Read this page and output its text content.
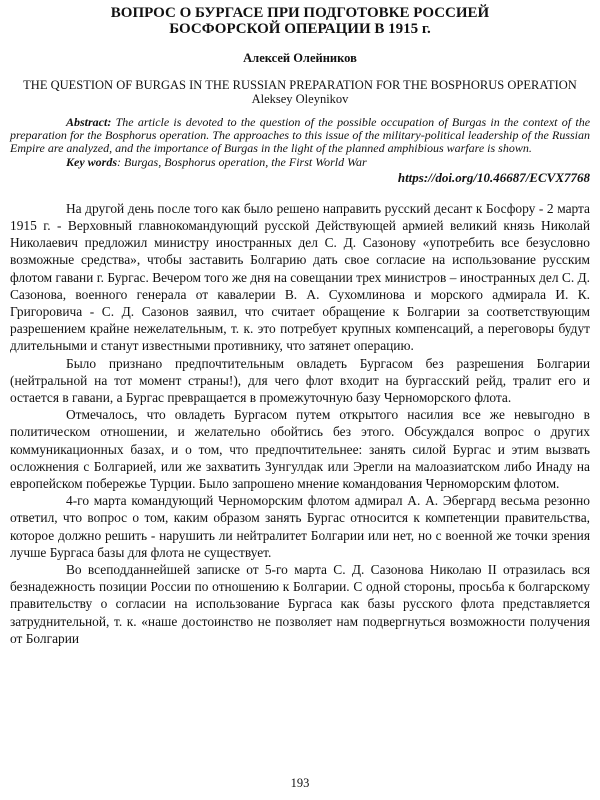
ВОПРОС О БУРГАСЕ ПРИ ПОДГОТОВКЕ РОССИЕЙ БОСФОРСКОЙ ОПЕРАЦИИ В 1915 г.
Алексей Олейников
THE QUESTION OF BURGAS IN THE RUSSIAN PREPARATION FOR THE BOSPHORUS OPERATION
Aleksey Oleynikov

Abstract: The article is devoted to the question of the possible occupation of Burgas in the context of the preparation for the Bosphorus operation. The approaches to this issue of the military-political leadership of the Russian Empire are analyzed, and the importance of Burgas in the light of the planned amphibious warfare is shown.

Key words: Burgas, Bosphorus operation, the First World War

https://doi.org/10.46687/ECVX7768

На другой день после того как было решено направить русский десант к Босфору - 2 марта 1915 г. - Верховный главнокомандующий русской Действующей армией великий князь Николай Николаевич предложил министру иностранных дел С. Д. Сазонову «употребить все безусловно возможные средства», чтобы заставить Болгарию дать свое согласие на использование русским флотом гавани г. Бургас. Вечером того же дня на совещании трех министров – иностранных дел С. Д. Сазонова, военного генерала от кавалерии В. А. Сухомлинова и морского адмирала И. К. Григоровича - С. Д. Сазонов заявил, что считает обращение к Болгарии за соответствующим разрешением крайне нежелательным, т. к. это потребует крупных компенсаций, а переговоры будут длительными и станут известными противнику, что затянет операцию.

Было признано предпочтительным овладеть Бургасом без разрешения Болгарии (нейтральной на тот момент страны!), для чего флот входит на бургасский рейд, тралит его и остается в гавани, а Бургас превращается в промежуточную базу Черноморского флота.

Отмечалось, что овладеть Бургасом путем открытого насилия все же невыгодно в политическом отношении, и желательно обойтись без этого. Обсуждался вопрос о других коммуникационных базах, и о том, что предпочтительнее: занять силой Бургас и этим вызвать осложнения с Болгарией, или же захватить Зунгулдак или Эрегли на малоазиатском либо Инаду на европейском побережье Турции. Было запрошено мнение командования Черноморским флотом.

4-го марта командующий Черноморским флотом адмирал А. А. Эбергард весьма резонно ответил, что вопрос о том, каким образом занять Бургас относится к компетенции правительства, которое должно решить - нарушить ли нейтралитет Болгарии или нет, но с военной же точки зрения лучше Бургаса базы для флота не существует.

Во всеподданнейшей записке от 5-го марта С. Д. Сазонова Николаю II отразилась вся безнадежность позиции России по отношению к Болгарии. С одной стороны, просьба к болгарскому правительству о согласии на использование Бургаса как базы русского флота представляется затруднительной, т. к. «наше достоинство не позволяет нам подвергнуться возможности получения от Болгарии

193
